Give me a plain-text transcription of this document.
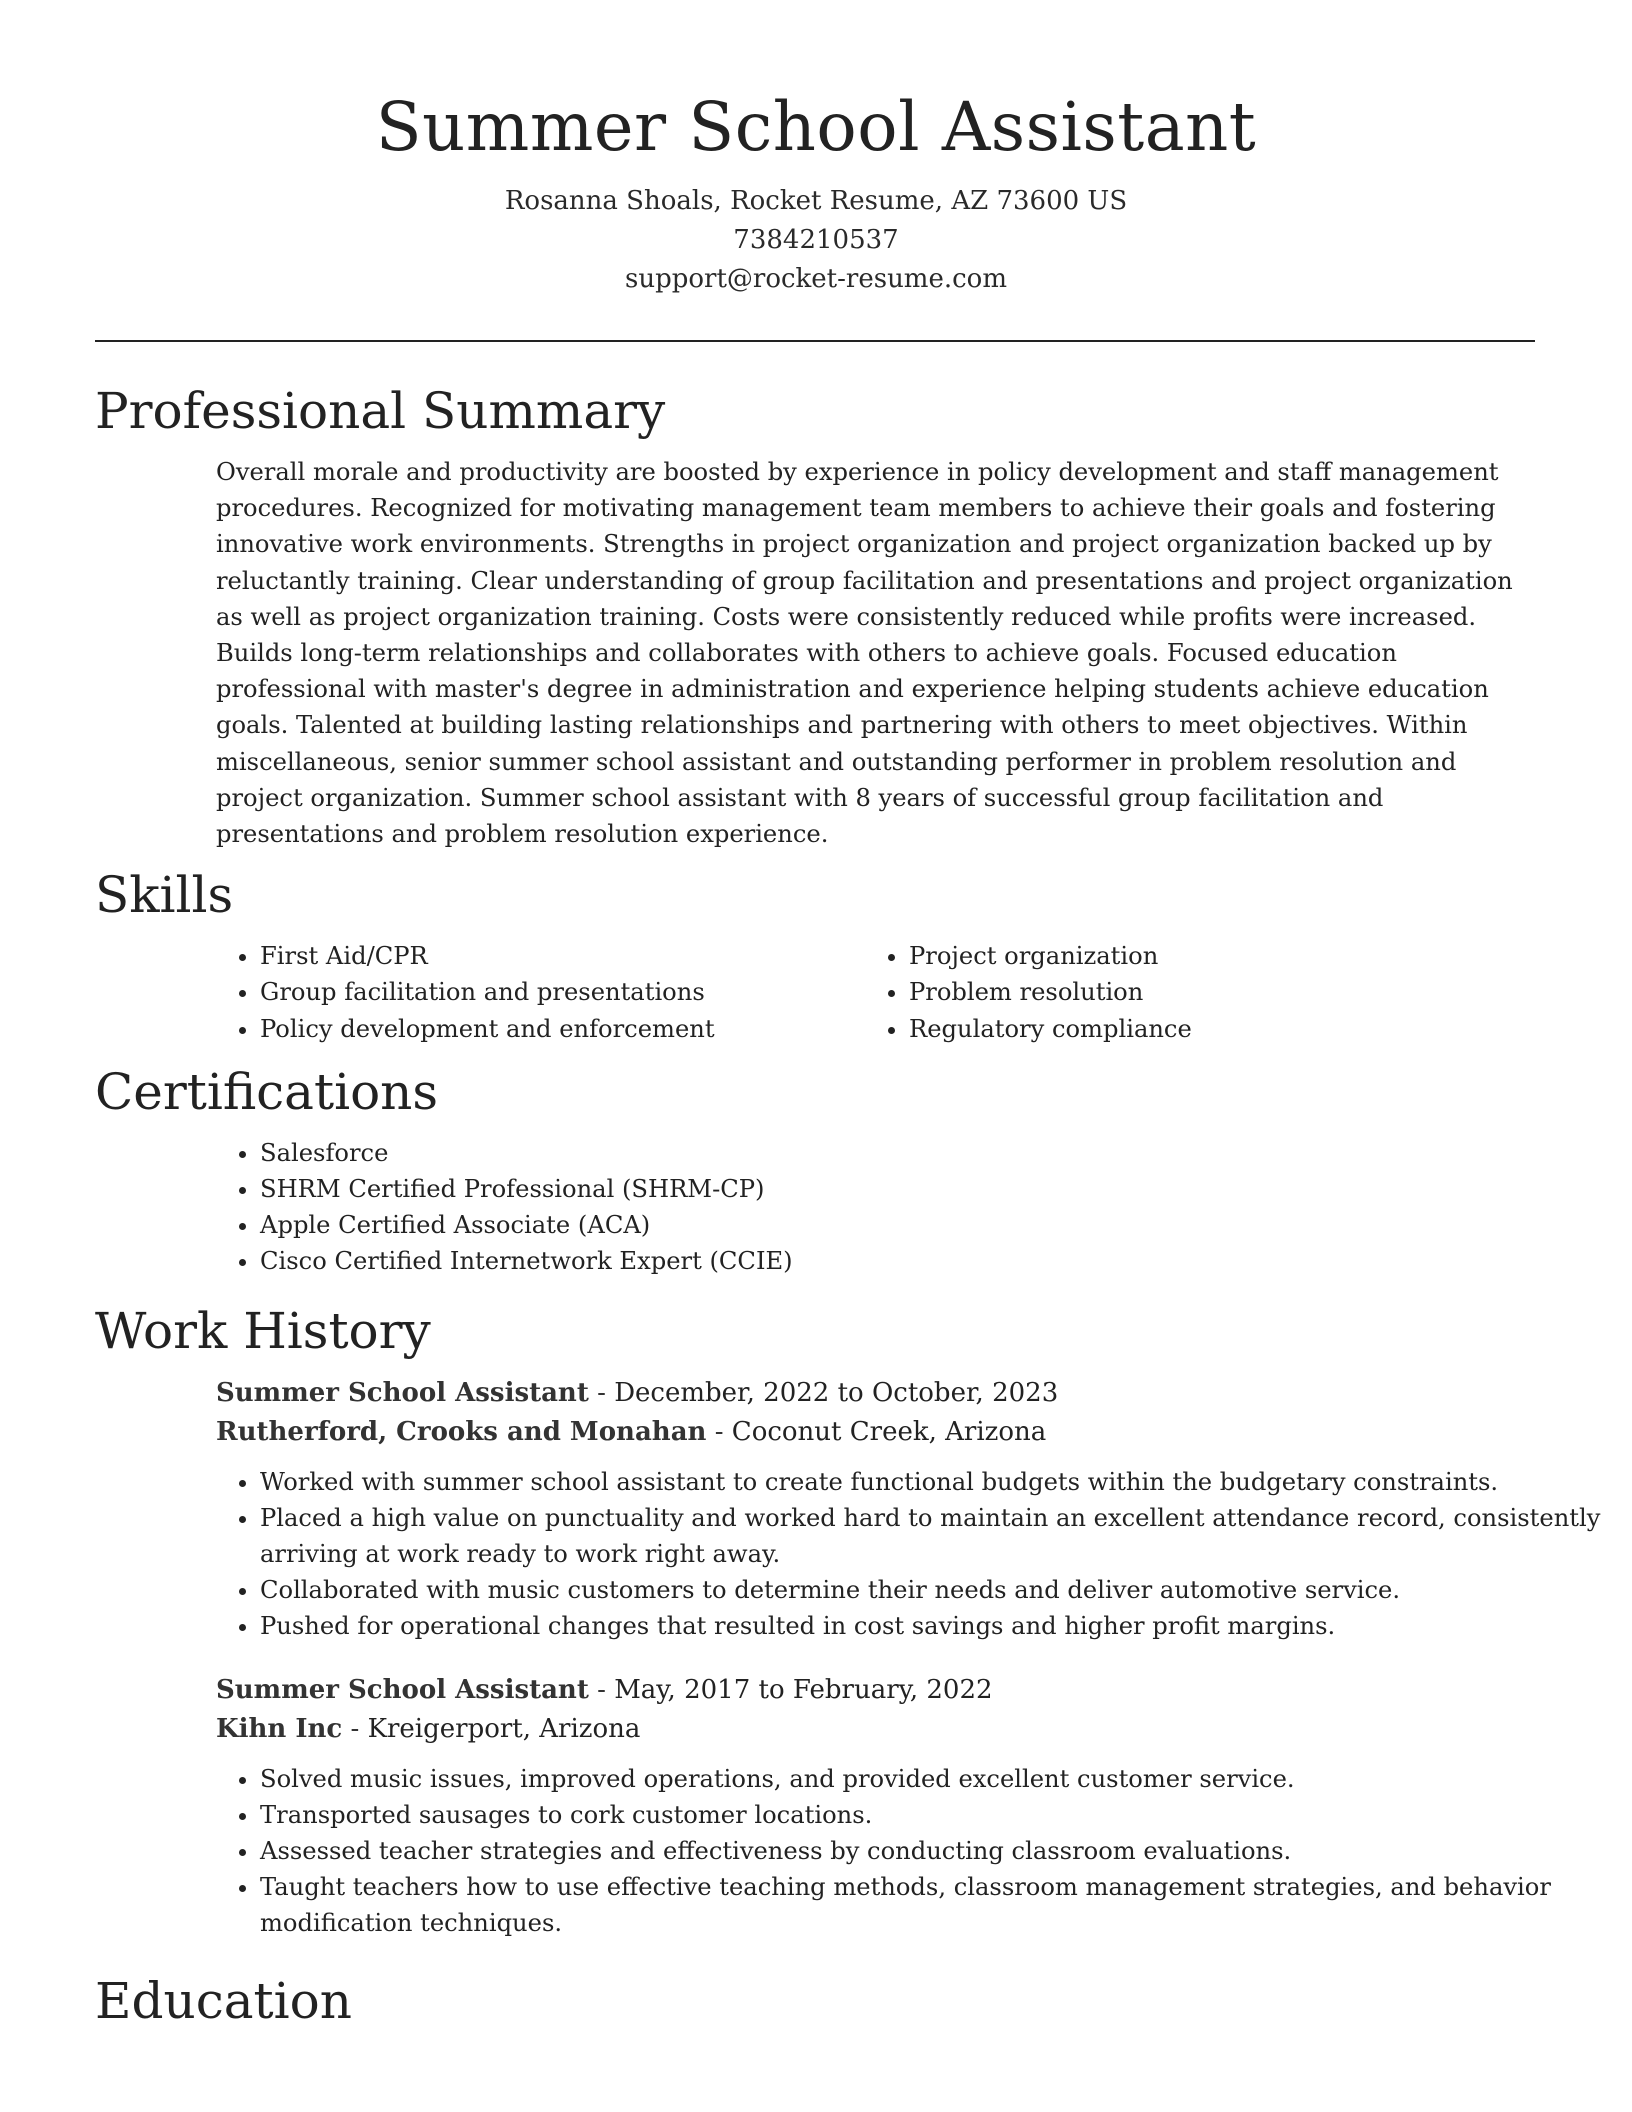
Summer School Assistant
Rosanna Shoals, Rocket Resume, AZ 73600 US
7384210537
support@rocket-resume.com
Professional Summary

Overall morale and productivity are boosted by experience in policy development and staff management procedures. Recognized for motivating management team members to achieve their goals and fostering innovative work environments. Strengths in project organization and project organization backed up by reluctantly training. Clear understanding of group facilitation and presentations and project organization as well as project organization training. Costs were consistently reduced while profits were increased. Builds long-term relationships and collaborates with others to achieve goals. Focused education professional with master's degree in administration and experience helping students achieve education goals. Talented at building lasting relationships and partnering with others to meet objectives. Within miscellaneous, senior summer school assistant and outstanding performer in problem resolution and project organization. Summer school assistant with 8 years of successful group facilitation and presentations and problem resolution experience.

Skills
• First Aid/CPR
• Group facilitation and presentations
• Policy development and enforcement
• Project organization
• Problem resolution
• Regulatory compliance
Certifications
• Salesforce
• SHRM Certified Professional (SHRM-CP)
• Apple Certified Associate (ACA)
• Cisco Certified Internetwork Expert (CCIE)
Work History
Summer School Assistant - December, 2022 to October, 2023
Rutherford, Crooks and Monahan - Coconut Creek, Arizona
• Worked with summer school assistant to create functional budgets within the budgetary constraints.
• Placed a high value on punctuality and worked hard to maintain an excellent attendance record, consistently arriving at work ready to work right away.
• Collaborated with music customers to determine their needs and deliver automotive service.
• Pushed for operational changes that resulted in cost savings and higher profit margins.
Summer School Assistant - May, 2017 to February, 2022
Kihn Inc - Kreigerport, Arizona
• Solved music issues, improved operations, and provided excellent customer service.
• Transported sausages to cork customer locations.
• Assessed teacher strategies and effectiveness by conducting classroom evaluations.
• Taught teachers how to use effective teaching methods, classroom management strategies, and behavior modification techniques.
Education
